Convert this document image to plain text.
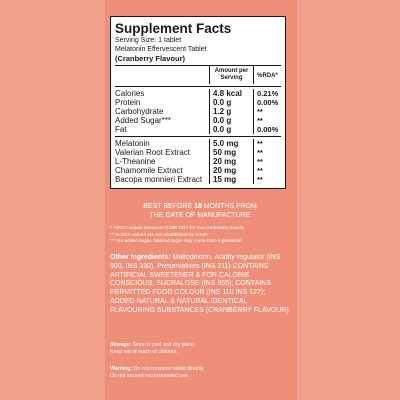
Supplement Facts
Serving Size: 1 tablet
Melatonin Effervescent Tablet
(Cranberry Flavour)
Amount per Serving	%RDA*
Calories	4.8 kcal	0.21%
Protein	0.0 g	0.00%
Carbohydrate	1.2 g	**
Added Sugar***	0.0 g	**
Fat	0.0 g	0.00%
Melatonin	5.0 mg	**
Valerian Root Extract	50 mg	**
L-Theanine	20 mg	**
Chamomile Extract	20 mg	**
Bacopa monnieri Extract	15 mg	**
BEST BEFORE 18 MONTHS FROM
THE DATE OF MANUFACTURE
* %RDA values based on ICMR RDA for men sedentary activity
** % RDA values are not established by ICMR
*** No added sugar. Natural sugar may come from ingredients
Other Ingredients: Maltodextrin, Acidity regulator (INS 500, INS 330), Preservatives (INS 211) CONTAINS ARTIFICIAL SWEETENER & FOR CALORIE CONSCIOUS: SUCRALOSE (INS 955); CONTAINS PERMITTED FOOD COLOUR (INS 110 INS 127); ADDED NATURAL & NATURAL IDENTICAL FLAVOURING SUBSTANCES (CRANBERRY FLAVOUR)
Storage: Store in cool and dry place.
Keep out of reach of children.
Warning: Do not consume tablet directly.
Do not exceed recommended use.
